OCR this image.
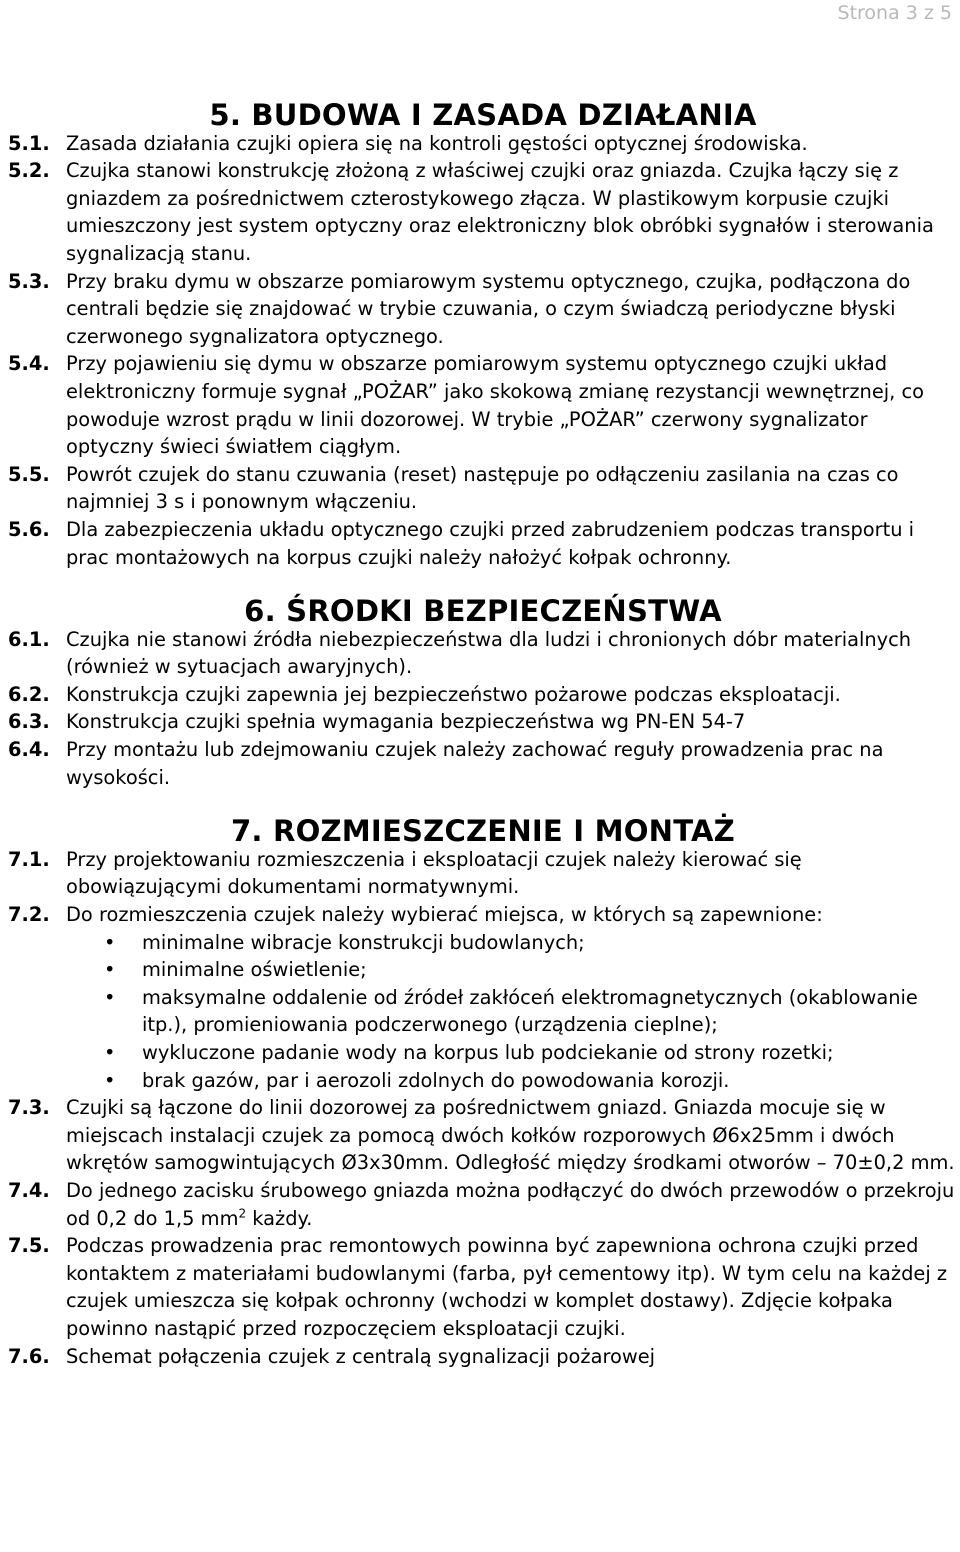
Strona 3 z 5
5. BUDOWA I ZASADA DZIAŁANIA
5.1. Zasada działania czujki opiera się na kontroli gęstości optycznej środowiska.
5.2. Czujka stanowi konstrukcję złożoną z właściwej czujki oraz gniazda. Czujka łączy się z gniazdem za pośrednictwem czterostykowego złącza. W plastikowym korpusie czujki umieszczony jest system optyczny oraz elektroniczny blok obróbki sygnałów i sterowania sygnalizacją stanu.
5.3. Przy braku dymu w obszarze pomiarowym systemu optycznego, czujka, podłączona do centrali będzie się znajdować w trybie czuwania, o czym świadczą periodyczne błyski czerwonego sygnalizatora optycznego.
5.4. Przy pojawieniu się dymu w obszarze pomiarowym systemu optycznego czujki układ elektroniczny formuje sygnał „POŻAR” jako skokową zmianę rezystancji wewnętrznej, co powoduje wzrost prądu w linii dozorowej. W trybie „POŻAR” czerwony sygnalizator optyczny świeci światłem ciągłym.
5.5. Powrót czujek do stanu czuwania (reset) następuje po odłączeniu zasilania na czas co najmniej 3 s i ponownym włączeniu.
5.6. Dla zabezpieczenia układu optycznego czujki przed zabrudzeniem podczas transportu i prac montażowych na korpus czujki należy nałożyć kołpak ochronny.
6. ŚRODKI BEZPIECZEŃSTWA
6.1. Czujka nie stanowi źródła niebezpieczeństwa dla ludzi i chronionych dóbr materialnych (również w sytuacjach awaryjnych).
6.2. Konstrukcja czujki zapewnia jej bezpieczeństwo pożarowe podczas eksploatacji.
6.3. Konstrukcja czujki spełnia wymagania bezpieczeństwa wg PN-EN 54-7
6.4. Przy montażu lub zdejmowaniu czujek należy zachować reguły prowadzenia prac na wysokości.
7. ROZMIESZCZENIE I MONTAŻ
7.1. Przy projektowaniu rozmieszczenia i eksploatacji czujek należy kierować się obowiązującymi dokumentami normatywnymi.
7.2. Do rozmieszczenia czujek należy wybierać miejsca, w których są zapewnione:
•	minimalne wibracje konstrukcji budowlanych;
•	minimalne oświetlenie;
•	maksymalne oddalenie od źródeł zakłóceń elektromagnetycznych (okablowanie itp.), promieniowania podczerwonego (urządzenia cieplne);
•	wykluczone padanie wody na korpus lub podciekanie od strony rozetki;
•	brak gazów, par i aerozoli zdolnych do powodowania korozji.
7.3. Czujki są łączone do linii dozorowej za pośrednictwem gniazd. Gniazda mocuje się w miejscach instalacji czujek za pomocą dwóch kołków rozporowych Ø6x25mm i dwóch wkrętów samogwintujących Ø3x30mm. Odległość między środkami otworów – 70±0,2 mm.
7.4. Do jednego zacisku śrubowego gniazda można podłączyć do dwóch przewodów o przekroju od 0,2 do 1,5 $mm^2$ każdy.
7.5. Podczas prowadzenia prac remontowych powinna być zapewniona ochrona czujki przed kontaktem z materiałami budowlanymi (farba, pył cementowy itp). W tym celu na każdej z czujek umieszcza się kołpak ochronny (wchodzi w komplet dostawy). Zdjęcie kołpaka powinno nastąpić przed rozpoczęciem eksploatacji czujki.
7.6. Schemat połączenia czujek z centralą sygnalizacji pożarowej
